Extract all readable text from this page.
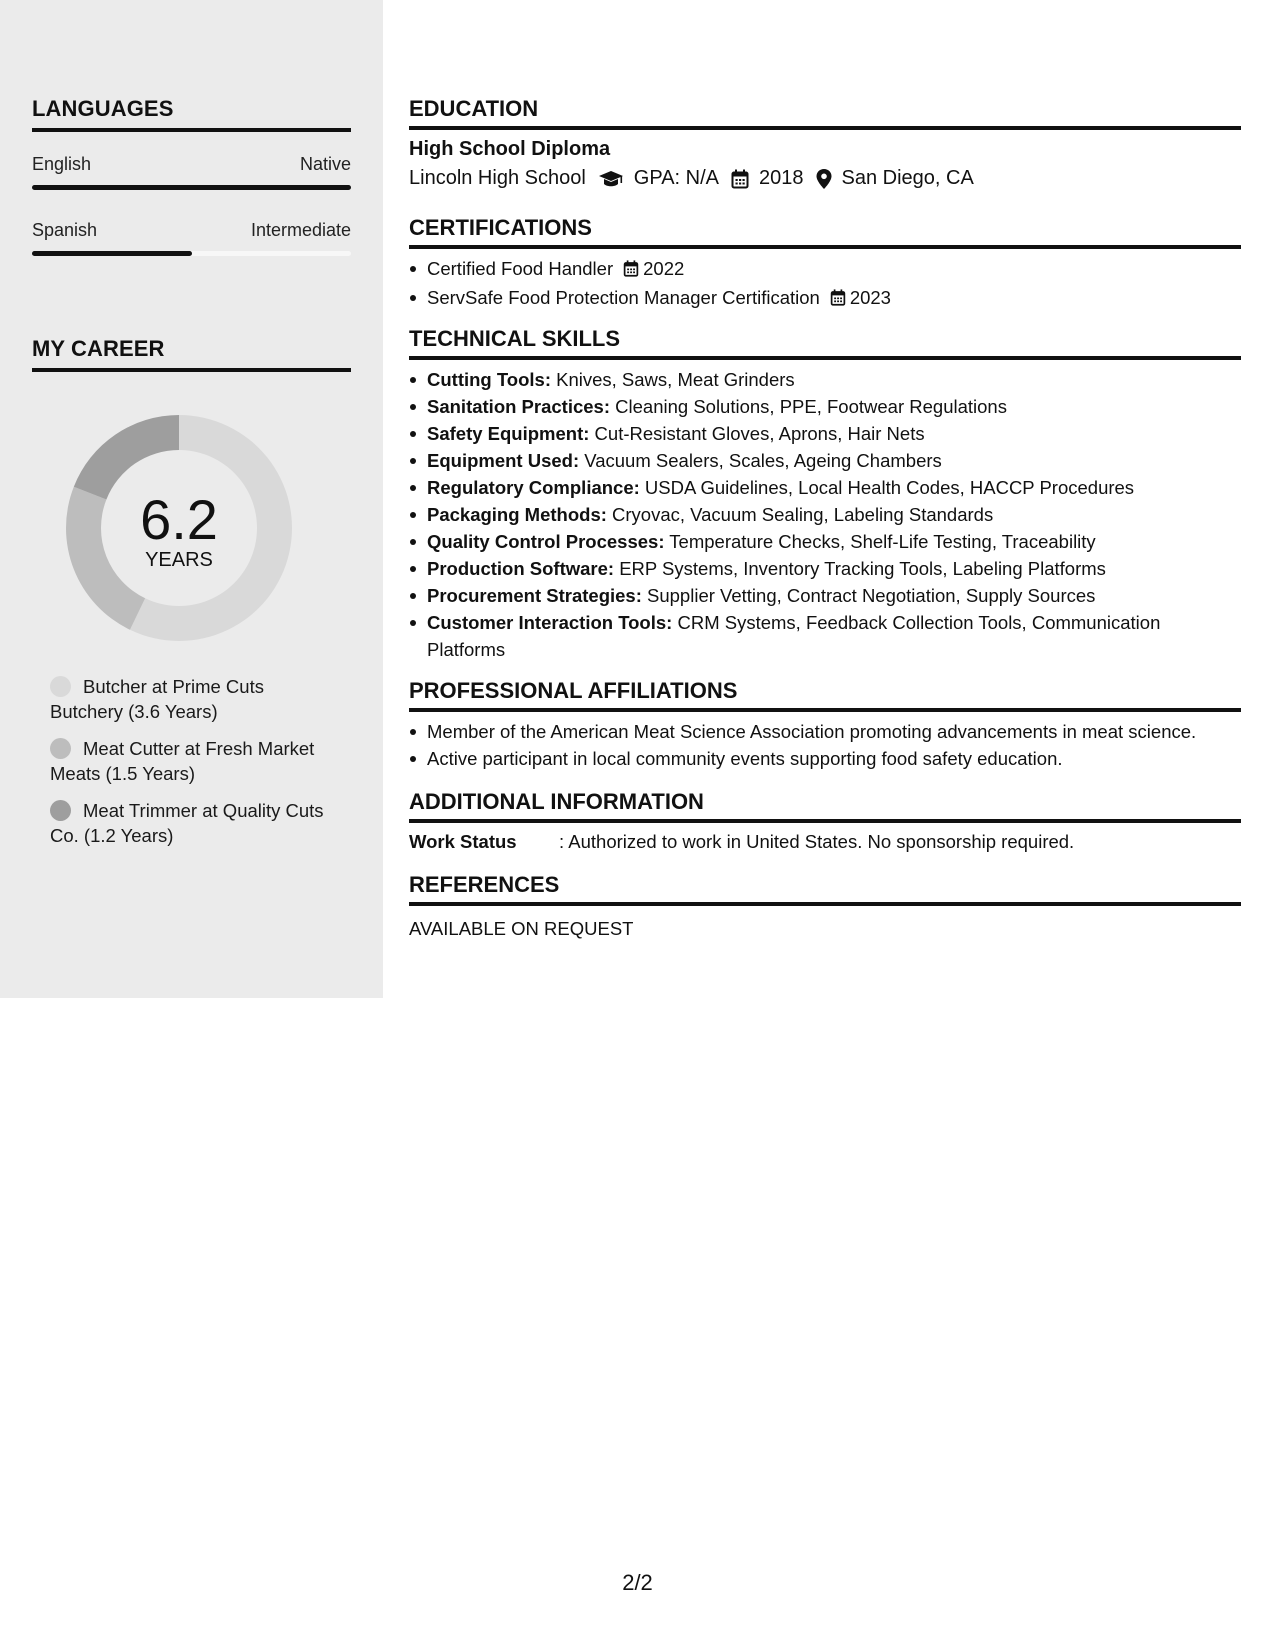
LANGUAGES
English	Native
Spanish	Intermediate
MY CAREER
6.2
YEARS
Butcher at Prime Cuts Butchery (3.6 Years)
Meat Cutter at Fresh Market Meats (1.5 Years)
Meat Trimmer at Quality Cuts Co. (1.2 Years)
EDUCATION
High School Diploma
Lincoln High School GPA: N/A 2018 San Diego, CA
CERTIFICATIONS
Certified Food Handler 2022
ServSafe Food Protection Manager Certification 2023
TECHNICAL SKILLS
Cutting Tools: Knives, Saws, Meat Grinders
Sanitation Practices: Cleaning Solutions, PPE, Footwear Regulations
Safety Equipment: Cut-Resistant Gloves, Aprons, Hair Nets
Equipment Used: Vacuum Sealers, Scales, Ageing Chambers
Regulatory Compliance: USDA Guidelines, Local Health Codes, HACCP Procedures
Packaging Methods: Cryovac, Vacuum Sealing, Labeling Standards
Quality Control Processes: Temperature Checks, Shelf-Life Testing, Traceability
Production Software: ERP Systems, Inventory Tracking Tools, Labeling Platforms
Procurement Strategies: Supplier Vetting, Contract Negotiation, Supply Sources
Customer Interaction Tools: CRM Systems, Feedback Collection Tools, Communication Platforms
PROFESSIONAL AFFILIATIONS
Member of the American Meat Science Association promoting advancements in meat science.
Active participant in local community events supporting food safety education.
ADDITIONAL INFORMATION
Work Status	: Authorized to work in United States. No sponsorship required.
REFERENCES
AVAILABLE ON REQUEST
2/2
